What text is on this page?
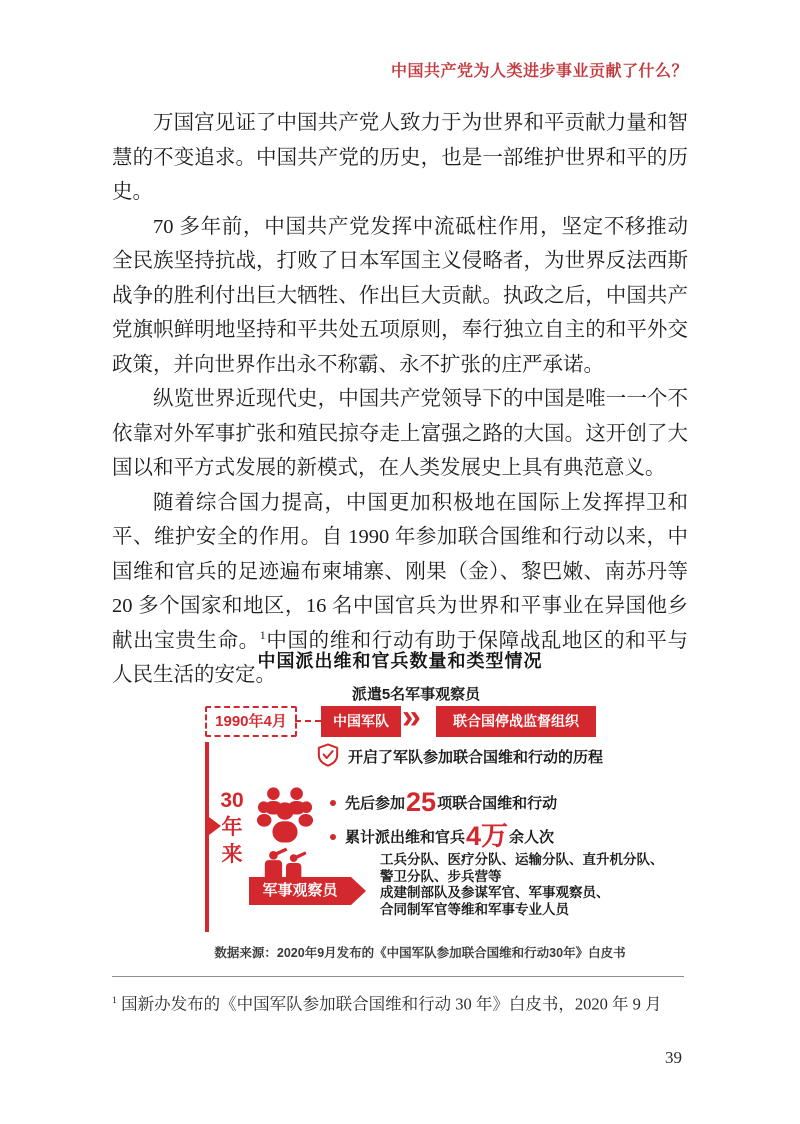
中国共产党为人类进步事业贡献了什么？

万国宫见证了中国共产党人致力于为世界和平贡献力量和智慧的不变追求。中国共产党的历史，也是一部维护世界和平的历史。

70 多年前，中国共产党发挥中流砥柱作用，坚定不移推动全民族坚持抗战，打败了日本军国主义侵略者，为世界反法西斯战争的胜利付出巨大牺牲、作出巨大贡献。执政之后，中国共产党旗帜鲜明地坚持和平共处五项原则，奉行独立自主的和平外交政策，并向世界作出永不称霸、永不扩张的庄严承诺。

纵览世界近现代史，中国共产党领导下的中国是唯一一个不依靠对外军事扩张和殖民掠夺走上富强之路的大国。这开创了大国以和平方式发展的新模式，在人类发展史上具有典范意义。

随着综合国力提高，中国更加积极地在国际上发挥捍卫和平、维护安全的作用。自 1990 年参加联合国维和行动以来，中国维和官兵的足迹遍布柬埔寨、刚果（金）、黎巴嫩、南苏丹等 20 多个国家和地区，16 名中国官兵为世界和平事业在异国他乡献出宝贵生命。$^1$中国的维和行动有助于保障战乱地区的和平与人民生活的安定。

中国派出维和官兵数量和类型情况
派遣5名军事观察员
1990年4月	中国军队 »	联合国停战监督组织
开启了军队参加联合国维和行动的历程
30
年
来
先后参加 25 项联合国维和行动
累计派出维和官兵 4万 余人次
军事观察员
工兵分队、医疗分队、运输分队、直升机分队、
警卫分队、步兵营等
成建制部队及参谋军官、军事观察员、
合同制军官等维和军事专业人员
数据来源：2020年9月发布的《中国军队参加联合国维和行动30年》白皮书
$^1$ 国新办发布的《中国军队参加联合国维和行动 30 年》白皮书，2020 年 9 月
39
